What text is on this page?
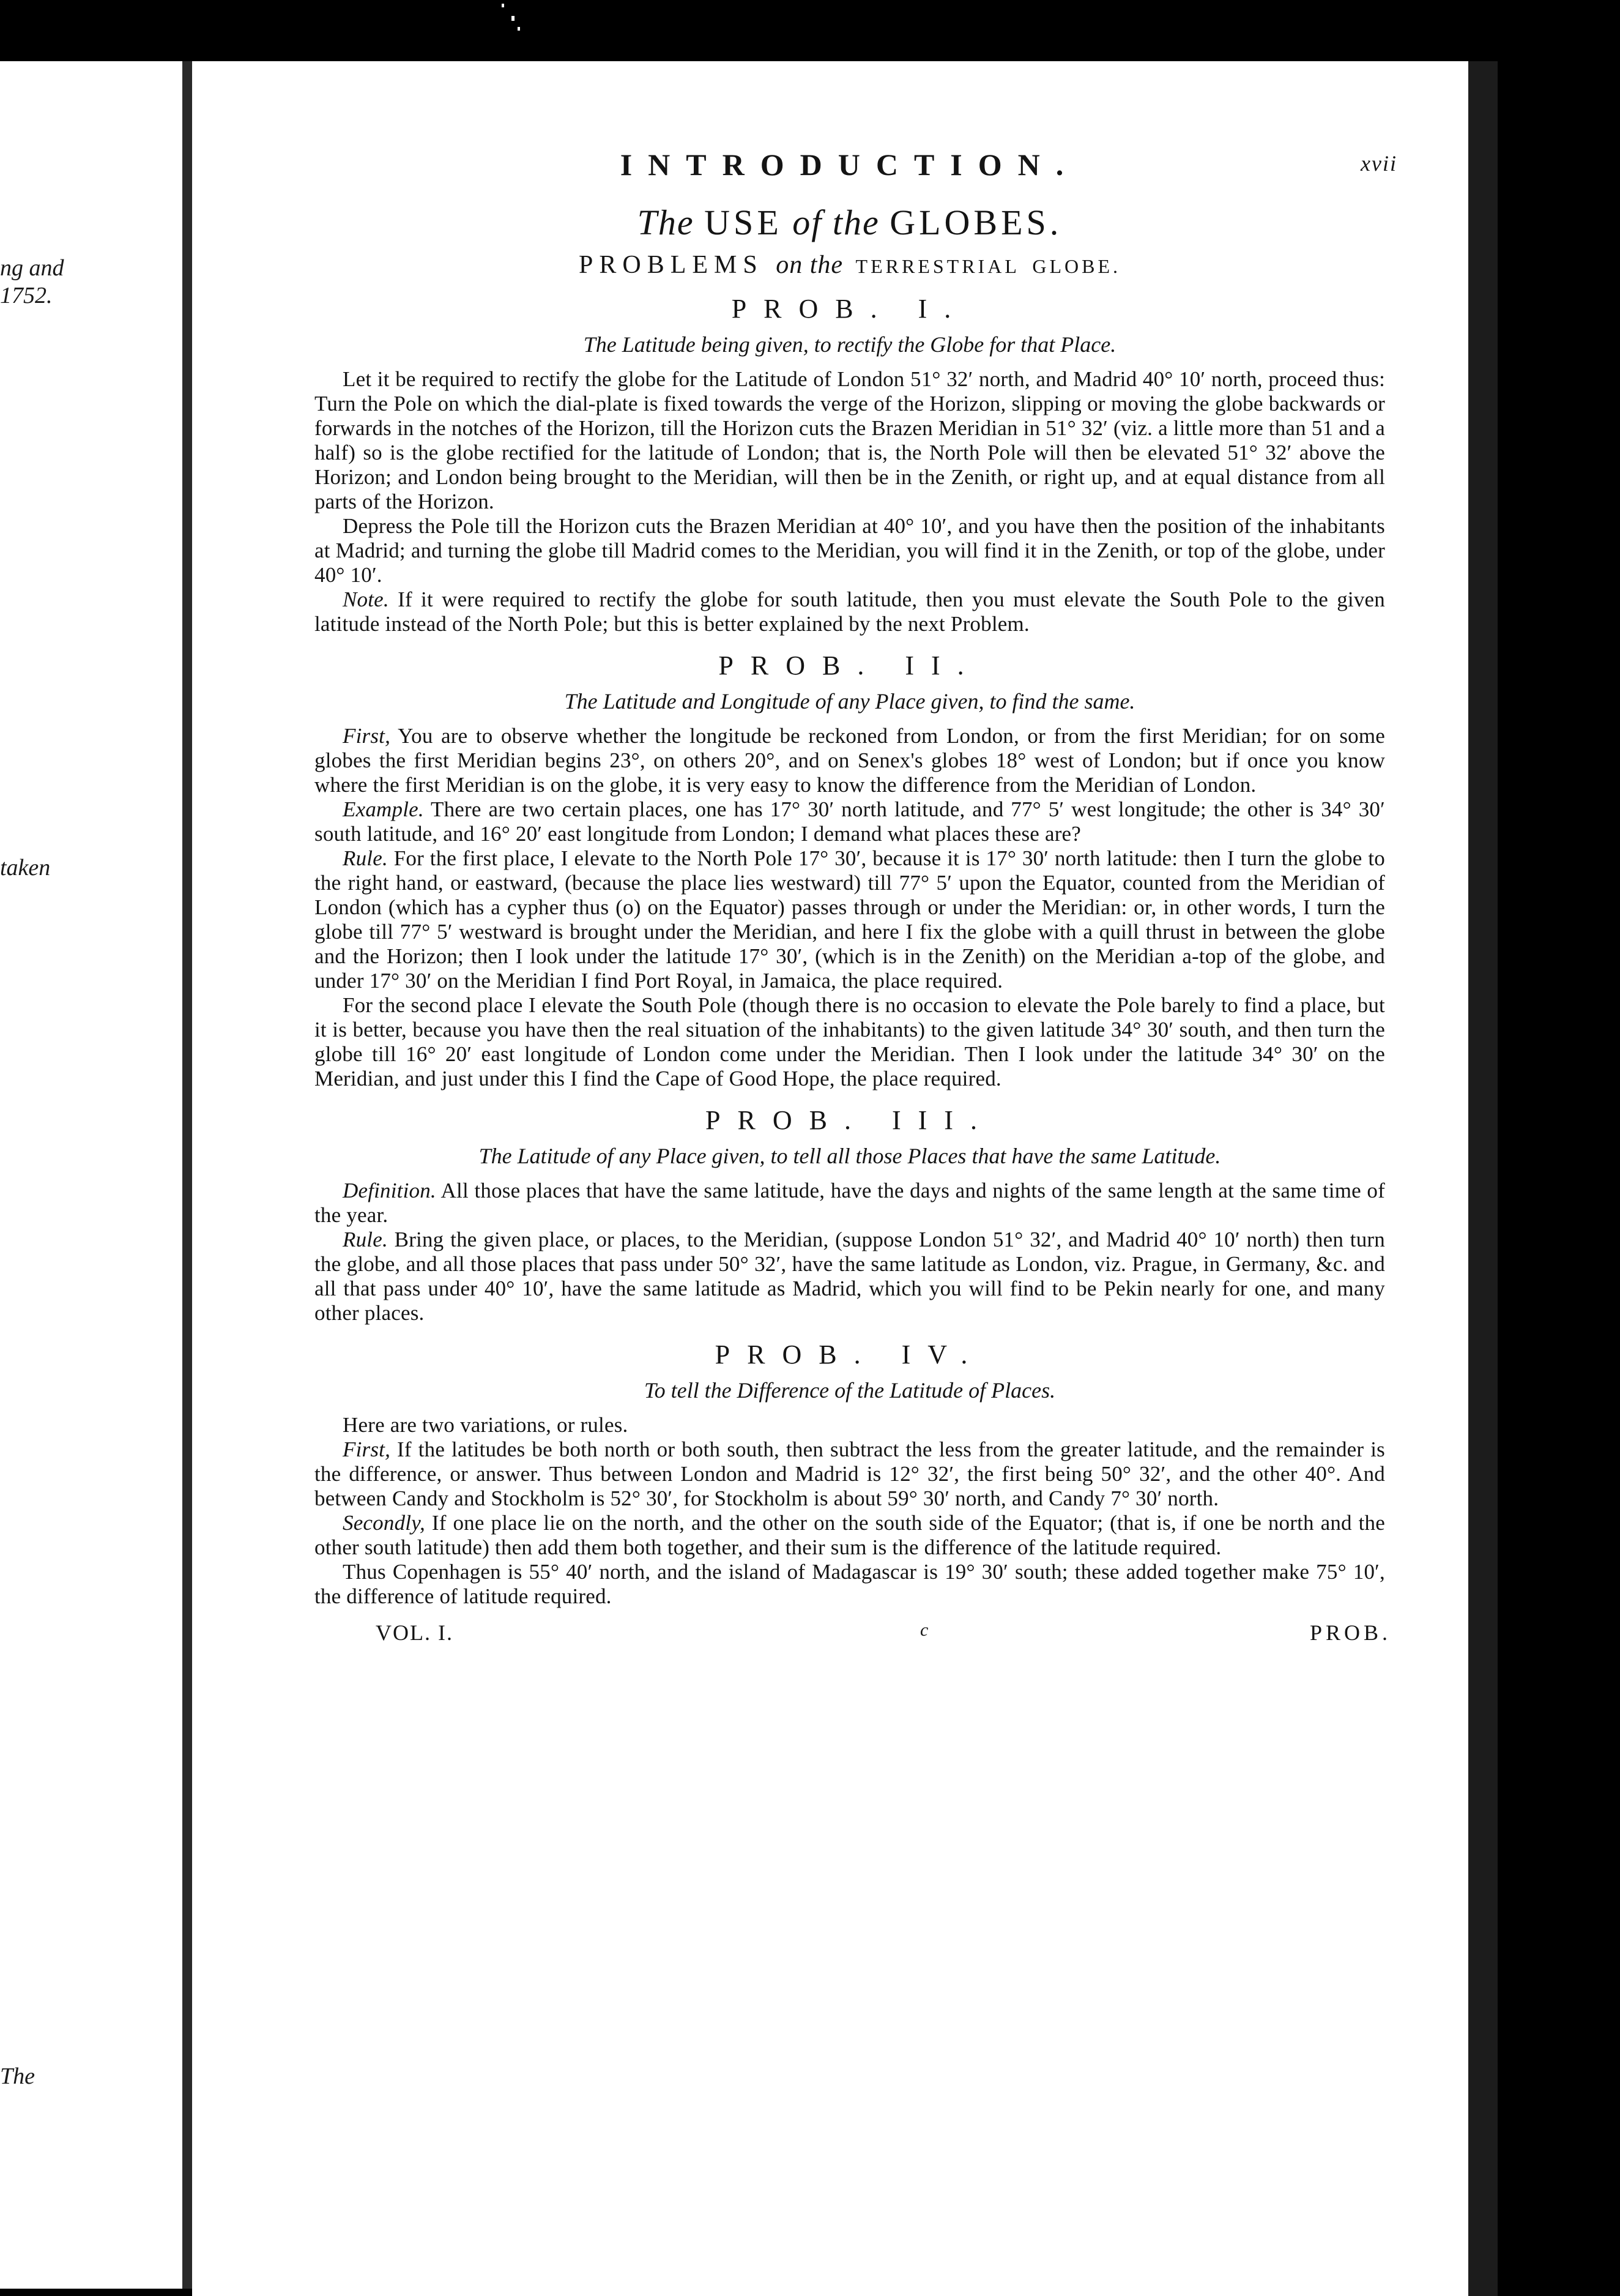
ng and
1752.
taken
The
INTRODUCTION.	xvii
The USE of the GLOBES.
PROBLEMS on the TERRESTRIAL GLOBE.
PROB. I.
The Latitude being given, to rectify the Globe for that Place.

Let it be required to rectify the globe for the Latitude of London 51° 32′ north, and Madrid 40° 10′ north, proceed thus: Turn the Pole on which the dial-plate is fixed towards the verge of the Horizon, slipping or moving the globe backwards or forwards in the notches of the Horizon, till the Horizon cuts the Brazen Meridian in 51° 32′ (viz. a little more than 51 and a half) so is the globe rectified for the latitude of London; that is, the North Pole will then be elevated 51° 32′ above the Horizon; and London being brought to the Meridian, will then be in the Zenith, or right up, and at equal distance from all parts of the Horizon.

Depress the Pole till the Horizon cuts the Brazen Meridian at 40° 10′, and you have then the position of the inhabitants at Madrid; and turning the globe till Madrid comes to the Meridian, you will find it in the Zenith, or top of the globe, under 40° 10′.

Note. If it were required to rectify the globe for south latitude, then you must elevate the South Pole to the given latitude instead of the North Pole; but this is better explained by the next Problem.

PROB. II.
The Latitude and Longitude of any Place given, to find the same.

First, You are to observe whether the longitude be reckoned from London, or from the first Meridian; for on some globes the first Meridian begins 23°, on others 20°, and on Senex's globes 18° west of London; but if once you know where the first Meridian is on the globe, it is very easy to know the difference from the Meridian of London.

Example. There are two certain places, one has 17° 30′ north latitude, and 77° 5′ west longitude; the other is 34° 30′ south latitude, and 16° 20′ east longitude from London; I demand what places these are?

Rule. For the first place, I elevate to the North Pole 17° 30′, because it is 17° 30′ north latitude: then I turn the globe to the right hand, or eastward, (because the place lies westward) till 77° 5′ upon the Equator, counted from the Meridian of London (which has a cypher thus (o) on the Equator) passes through or under the Meridian: or, in other words, I turn the globe till 77° 5′ westward is brought under the Meridian, and here I fix the globe with a quill thrust in between the globe and the Horizon; then I look under the latitude 17° 30′, (which is in the Zenith) on the Meridian a-top of the globe, and under 17° 30′ on the Meridian I find Port Royal, in Jamaica, the place required.

For the second place I elevate the South Pole (though there is no occasion to elevate the Pole barely to find a place, but it is better, because you have then the real situation of the inhabitants) to the given latitude 34° 30′ south, and then turn the globe till 16° 20′ east longitude of London come under the Meridian. Then I look under the latitude 34° 30′ on the Meridian, and just under this I find the Cape of Good Hope, the place required.

PROB. III.
The Latitude of any Place given, to tell all those Places that have the same Latitude.

Definition. All those places that have the same latitude, have the days and nights of the same length at the same time of the year.

Rule. Bring the given place, or places, to the Meridian, (suppose London 51° 32′, and Madrid 40° 10′ north) then turn the globe, and all those places that pass under 50° 32′, have the same latitude as London, viz. Prague, in Germany, &c. and all that pass under 40° 10′, have the same latitude as Madrid, which you will find to be Pekin nearly for one, and many other places.

PROB. IV.
To tell the Difference of the Latitude of Places.

Here are two variations, or rules.

First, If the latitudes be both north or both south, then subtract the less from the greater latitude, and the remainder is the difference, or answer. Thus between London and Madrid is 12° 32′, the first being 50° 32′, and the other 40°. And between Candy and Stockholm is 52° 30′, for Stockholm is about 59° 30′ north, and Candy 7° 30′ north.

Secondly, If one place lie on the north, and the other on the south side of the Equator; (that is, if one be north and the other south latitude) then add them both together, and their sum is the difference of the latitude required.

Thus Copenhagen is 55° 40′ north, and the island of Madagascar is 19° 30′ south; these added together make 75° 10′, the difference of latitude required.

VOL. I.	c	PROB.
